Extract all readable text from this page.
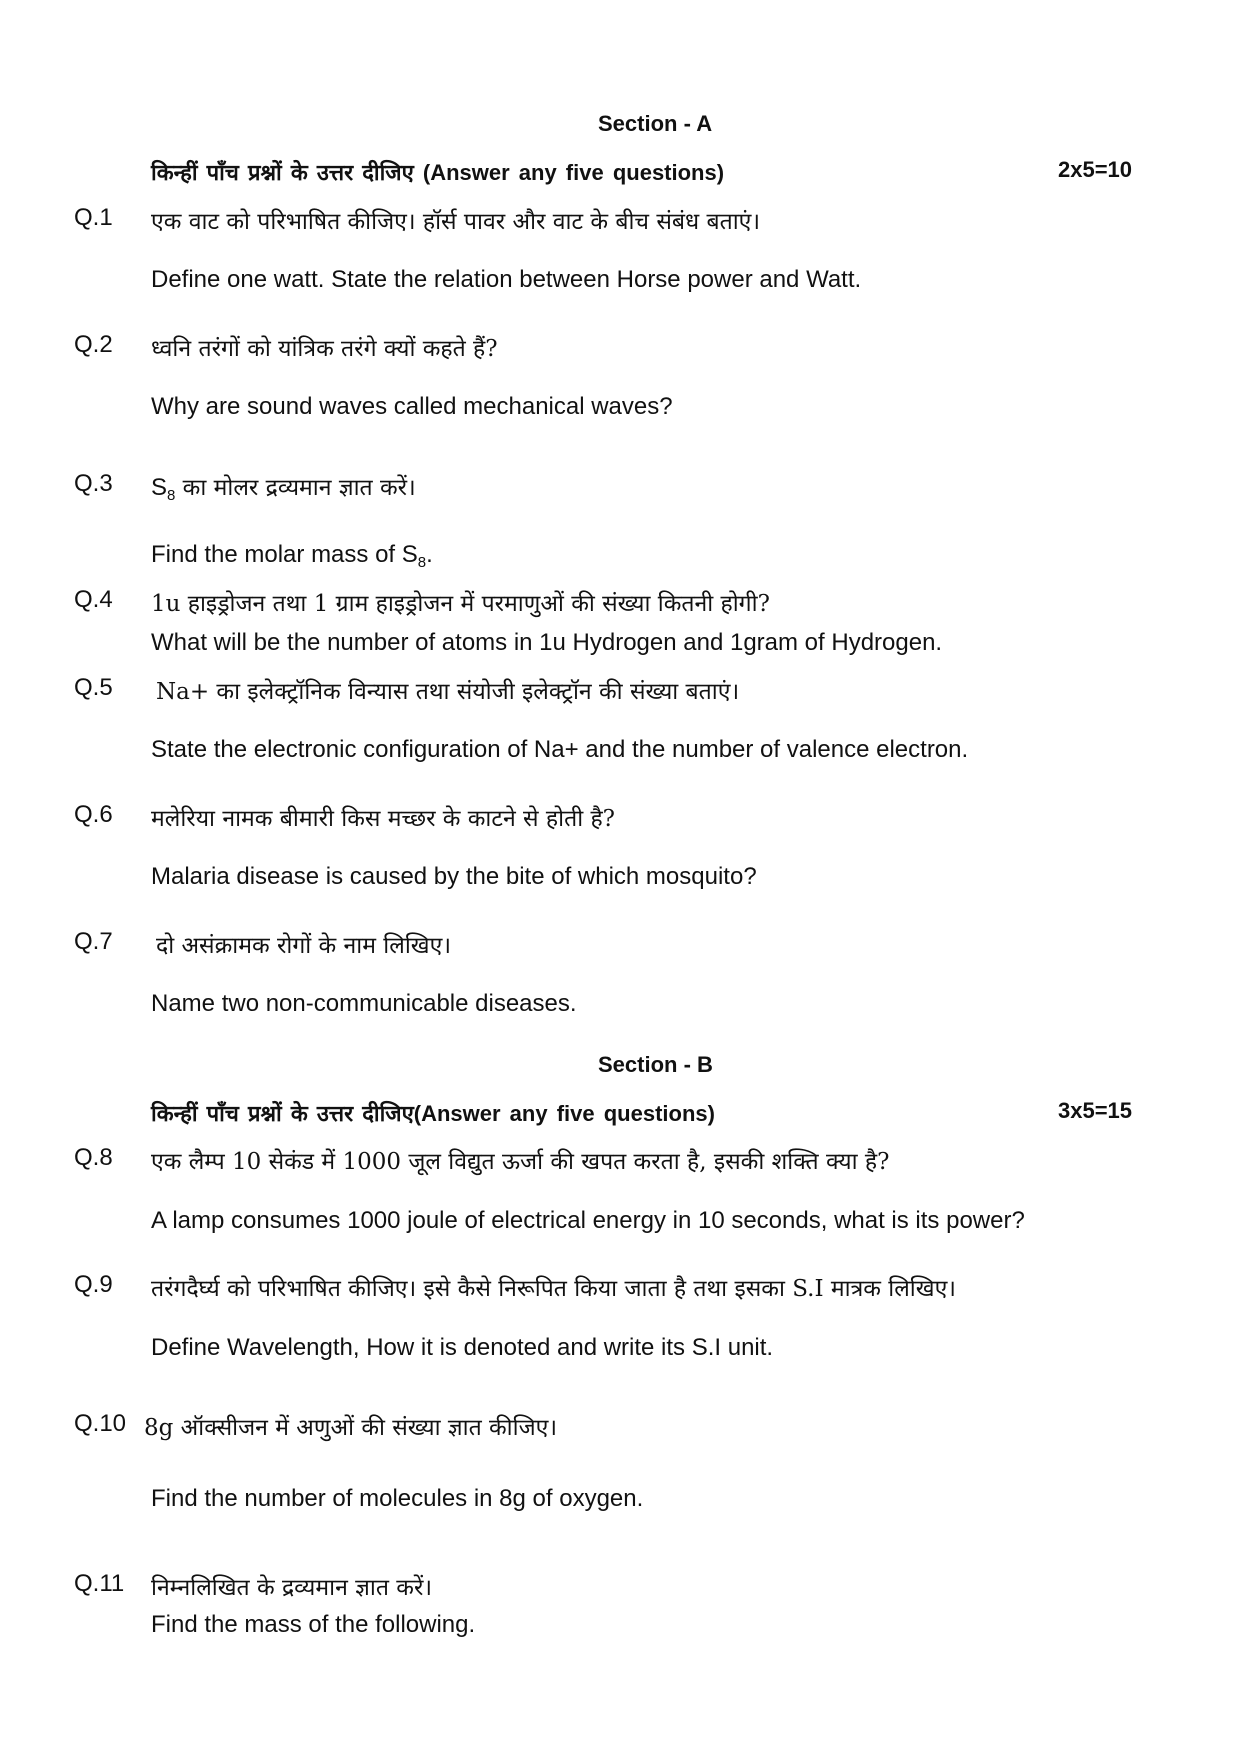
Section - A
किन्हीं पाँच प्रश्नों के उत्तर दीजिए (Answer any five questions)	2x5=10
Q.1 एक वाट को परिभाषित कीजिए। हॉर्स पावर और वाट के बीच संबंध बताएं।
Define one watt. State the relation between Horse power and Watt.
Q.2 ध्वनि तरंगों को यांत्रिक तरंगे क्यों कहते हैं?
Why are sound waves called mechanical waves?
Q.3 $S_8$ का मोलर द्रव्यमान ज्ञात करें।
Find the molar mass of $S_8$.
Q.4 1u हाइड्रोजन तथा 1 ग्राम हाइड्रोजन में परमाणुओं की संख्या कितनी होगी?
What will be the number of atoms in 1u Hydrogen and 1gram of Hydrogen.
Q.5 Na+ का इलेक्ट्रॉनिक विन्यास तथा संयोजी इलेक्ट्रॉन की संख्या बताएं।
State the electronic configuration of Na+ and the number of valence electron.
Q.6 मलेरिया नामक बीमारी किस मच्छर के काटने से होती है?
Malaria disease is caused by the bite of which mosquito?
Q.7 दो असंक्रामक रोगों के नाम लिखिए।
Name two non-communicable diseases.
Section - B
किन्हीं पाँच प्रश्नों के उत्तर दीजिए(Answer any five questions)	3x5=15
Q.8 एक लैम्प 10 सेकंड में 1000 जूल विद्युत ऊर्जा की खपत करता है, इसकी शक्ति क्या है?
A lamp consumes 1000 joule of electrical energy in 10 seconds, what is its power?
Q.9 तरंगदैर्घ्य को परिभाषित कीजिए। इसे कैसे निरूपित किया जाता है तथा इसका S.I मात्रक लिखिए।
Define Wavelength, How it is denoted and write its S.I unit.
Q.10 8g ऑक्सीजन में अणुओं की संख्या ज्ञात कीजिए।
Find the number of molecules in 8g of oxygen.
Q.11 निम्नलिखित के द्रव्यमान ज्ञात करें।
Find the mass of the following.
